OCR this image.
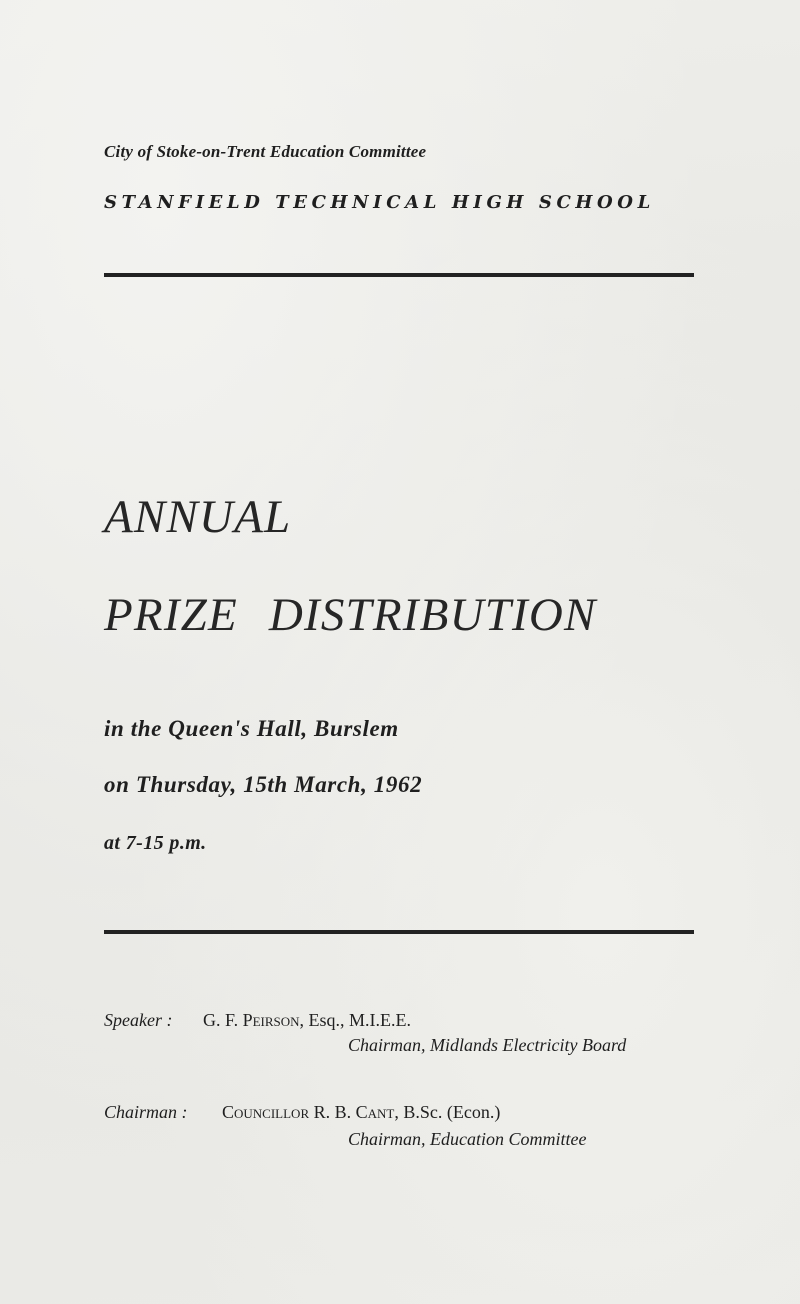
City of Stoke-on-Trent Education Committee
STANFIELD TECHNICAL HIGH SCHOOL
ANNUAL
PRIZE DISTRIBUTION
in the Queen's Hall, Burslem
on Thursday, 15th March, 1962
at 7-15 p.m.
Speaker : G. F. Peirson, Esq., M.I.E.E.
Chairman, Midlands Electricity Board
Chairman : Councillor R. B. Cant, B.Sc. (Econ.)
Chairman, Education Committee
